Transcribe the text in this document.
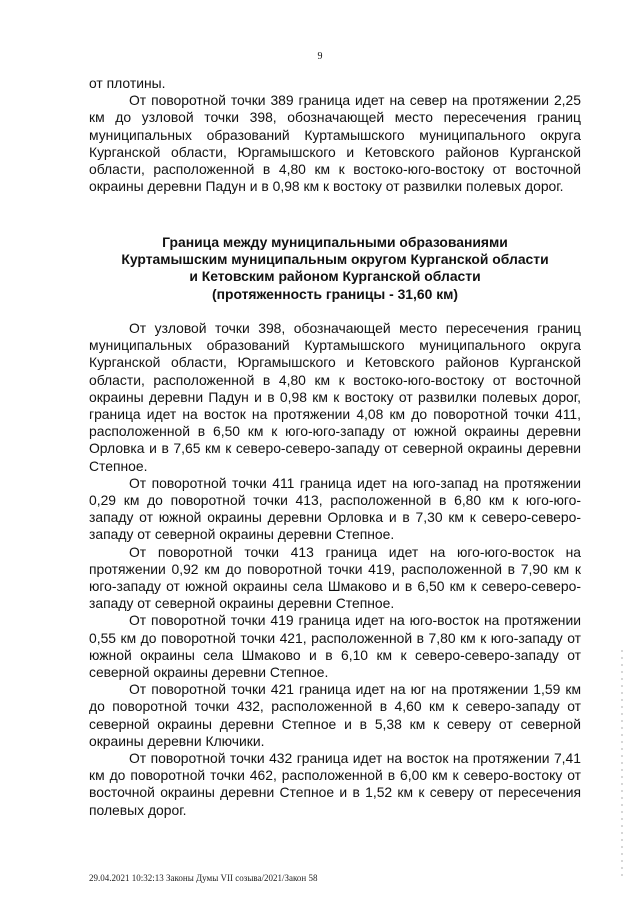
9

от плотины.

От поворотной точки 389 граница идет на север на протяжении 2,25 км до узловой точки 398, обозначающей место пересечения границ муниципальных образований Куртамышского муниципального округа Курганской области, Юргамышского и Кетовского районов Курганской области, расположенной в 4,80 км к востоко-юго-востоку от восточной окраины деревни Падун и в 0,98 км к востоку от развилки полевых дорог.

Граница между муниципальными образованиями
Куртамышским муниципальным округом Курганской области
и Кетовским районом Курганской области
(протяженность границы - 31,60 км)

От узловой точки 398, обозначающей место пересечения границ муниципальных образований Куртамышского муниципального округа Курганской области, Юргамышского и Кетовского районов Курганской области, расположенной в 4,80 км к востоко-юго-востоку от восточной окраины деревни Падун и в 0,98 км к востоку от развилки полевых дорог, граница идет на восток на протяжении 4,08 км до поворотной точки 411, расположенной в 6,50 км к юго-юго-западу от южной окраины деревни Орловка и в 7,65 км к северо-северо-западу от северной окраины деревни Степное.

От поворотной точки 411 граница идет на юго-запад на протяжении 0,29 км до поворотной точки 413, расположенной в 6,80 км к юго-юго-западу от южной окраины деревни Орловка и в 7,30 км к северо-северо-западу от северной окраины деревни Степное.

От поворотной точки 413 граница идет на юго-юго-восток на протяжении 0,92 км до поворотной точки 419, расположенной в 7,90 км к юго-западу от южной окраины села Шмаково и в 6,50 км к северо-северо-западу от северной окраины деревни Степное.

От поворотной точки 419 граница идет на юго-восток на протяжении 0,55 км до поворотной точки 421, расположенной в 7,80 км к юго-западу от южной окраины села Шмаково и в 6,10 км к северо-северо-западу от северной окраины деревни Степное.

От поворотной точки 421 граница идет на юг на протяжении 1,59 км до поворотной точки 432, расположенной в 4,60 км к северо-западу от северной окраины деревни Степное и в 5,38 км к северу от северной окраины деревни Ключики.

От поворотной точки 432 граница идет на восток на протяжении 7,41 км до поворотной точки 462, расположенной в 6,00 км к северо-востоку от восточной окраины деревни Степное и в 1,52 км к северу от пересечения полевых дорог.

29.04.2021 10:32:13 Законы Думы VII созыва/2021/Закон 58
